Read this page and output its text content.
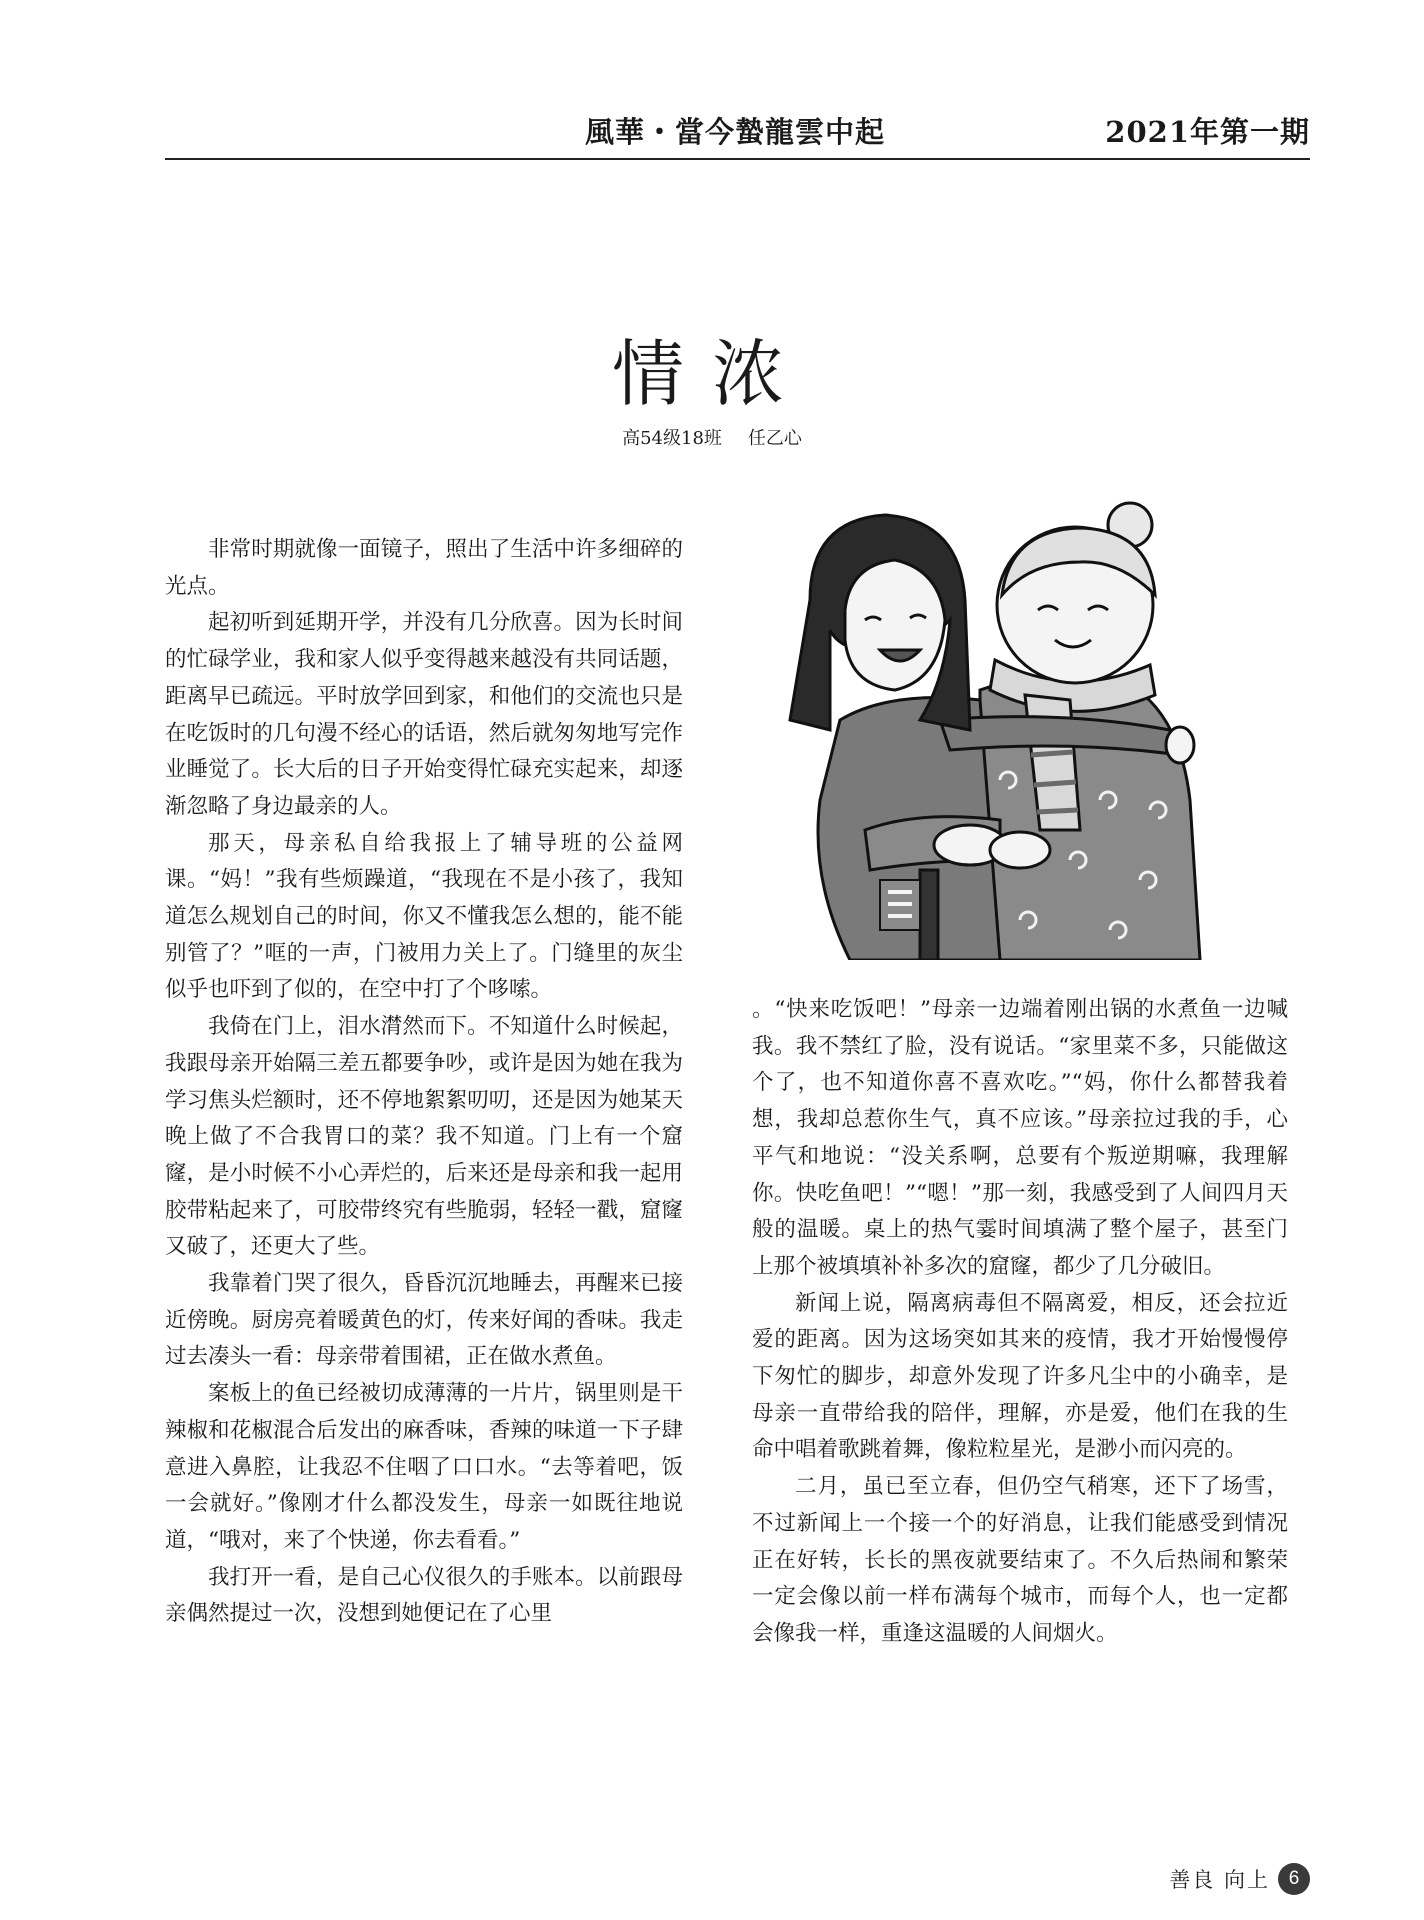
風華・當今蟄龍雲中起	2021年第一期
情浓
高54级18班 任乙心

非常时期就像一面镜子，照出了生活中许多细碎的光点。

起初听到延期开学，并没有几分欣喜。因为长时间的忙碌学业，我和家人似乎变得越来越没有共同话题，距离早已疏远。平时放学回到家，和他们的交流也只是在吃饭时的几句漫不经心的话语，然后就匆匆地写完作业睡觉了。长大后的日子开始变得忙碌充实起来，却逐渐忽略了身边最亲的人。

那天，母亲私自给我报上了辅导班的公益网课。“妈！”我有些烦躁道，“我现在不是小孩了，我知道怎么规划自己的时间，你又不懂我怎么想的，能不能别管了？”哐的一声，门被用力关上了。门缝里的灰尘似乎也吓到了似的，在空中打了个哆嗦。

我倚在门上，泪水潸然而下。不知道什么时候起，我跟母亲开始隔三差五都要争吵，或许是因为她在我为学习焦头烂额时，还不停地絮絮叨叨，还是因为她某天晚上做了不合我胃口的菜？我不知道。门上有一个窟窿，是小时候不小心弄烂的，后来还是母亲和我一起用胶带粘起来了，可胶带终究有些脆弱，轻轻一戳，窟窿又破了，还更大了些。

我靠着门哭了很久，昏昏沉沉地睡去，再醒来已接近傍晚。厨房亮着暖黄色的灯，传来好闻的香味。我走过去凑头一看：母亲带着围裙，正在做水煮鱼。

案板上的鱼已经被切成薄薄的一片片，锅里则是干辣椒和花椒混合后发出的麻香味，香辣的味道一下子肆意进入鼻腔，让我忍不住咽了口口水。“去等着吧，饭一会就好。”像刚才什么都没发生，母亲一如既往地说道，“哦对，来了个快递，你去看看。”

我打开一看，是自己心仪很久的手账本。以前跟母亲偶然提过一次，没想到她便记在了心里

。“快来吃饭吧！”母亲一边端着刚出锅的水煮鱼一边喊我。我不禁红了脸，没有说话。“家里菜不多，只能做这个了，也不知道你喜不喜欢吃。”“妈，你什么都替我着想，我却总惹你生气，真不应该。”母亲拉过我的手，心平气和地说：“没关系啊，总要有个叛逆期嘛，我理解你。快吃鱼吧！”“嗯！”那一刻，我感受到了人间四月天般的温暖。桌上的热气霎时间填满了整个屋子，甚至门上那个被填填补补多次的窟窿，都少了几分破旧。

新闻上说，隔离病毒但不隔离爱，相反，还会拉近爱的距离。因为这场突如其来的疫情，我才开始慢慢停下匆忙的脚步，却意外发现了许多凡尘中的小确幸，是母亲一直带给我的陪伴，理解，亦是爱，他们在我的生命中唱着歌跳着舞，像粒粒星光，是渺小而闪亮的。

二月，虽已至立春，但仍空气稍寒，还下了场雪，不过新闻上一个接一个的好消息，让我们能感受到情况正在好转，长长的黑夜就要结束了。不久后热闹和繁荣一定会像以前一样布满每个城市，而每个人，也一定都会像我一样，重逢这温暖的人间烟火。

善良 向上 6
